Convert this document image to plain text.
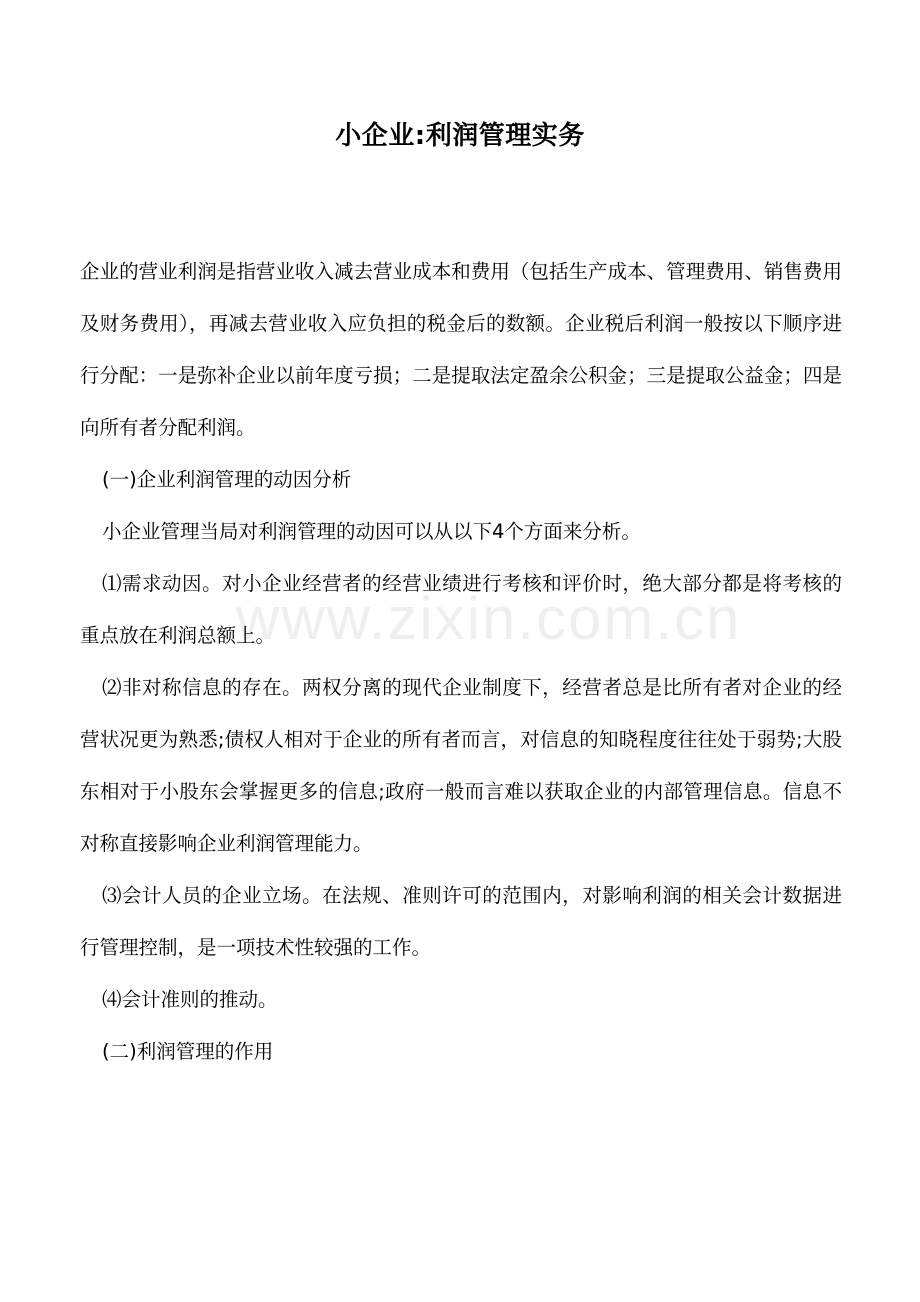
小企业:利润管理实务
www.zixin.com.cn

企业的营业利润是指营业收入减去营业成本和费用（包括生产成本、管理费用、销售费用及财务费用），再减去营业收入应负担的税金后的数额。企业税后利润一般按以下顺序进行分配：一是弥补企业以前年度亏损；二是提取法定盈余公积金；三是提取公益金；四是向所有者分配利润。

(一)企业利润管理的动因分析

小企业管理当局对利润管理的动因可以从以下4个方面来分析。

⑴需求动因。对小企业经营者的经营业绩进行考核和评价时，绝大部分都是将考核的重点放在利润总额上。

⑵非对称信息的存在。两权分离的现代企业制度下，经营者总是比所有者对企业的经营状况更为熟悉;债权人相对于企业的所有者而言，对信息的知晓程度往往处于弱势;大股东相对于小股东会掌握更多的信息;政府一般而言难以获取企业的内部管理信息。信息不对称直接影响企业利润管理能力。

⑶会计人员的企业立场。在法规、准则许可的范围内，对影响利润的相关会计数据进行管理控制，是一项技术性较强的工作。

⑷会计准则的推动。

(二)利润管理的作用
